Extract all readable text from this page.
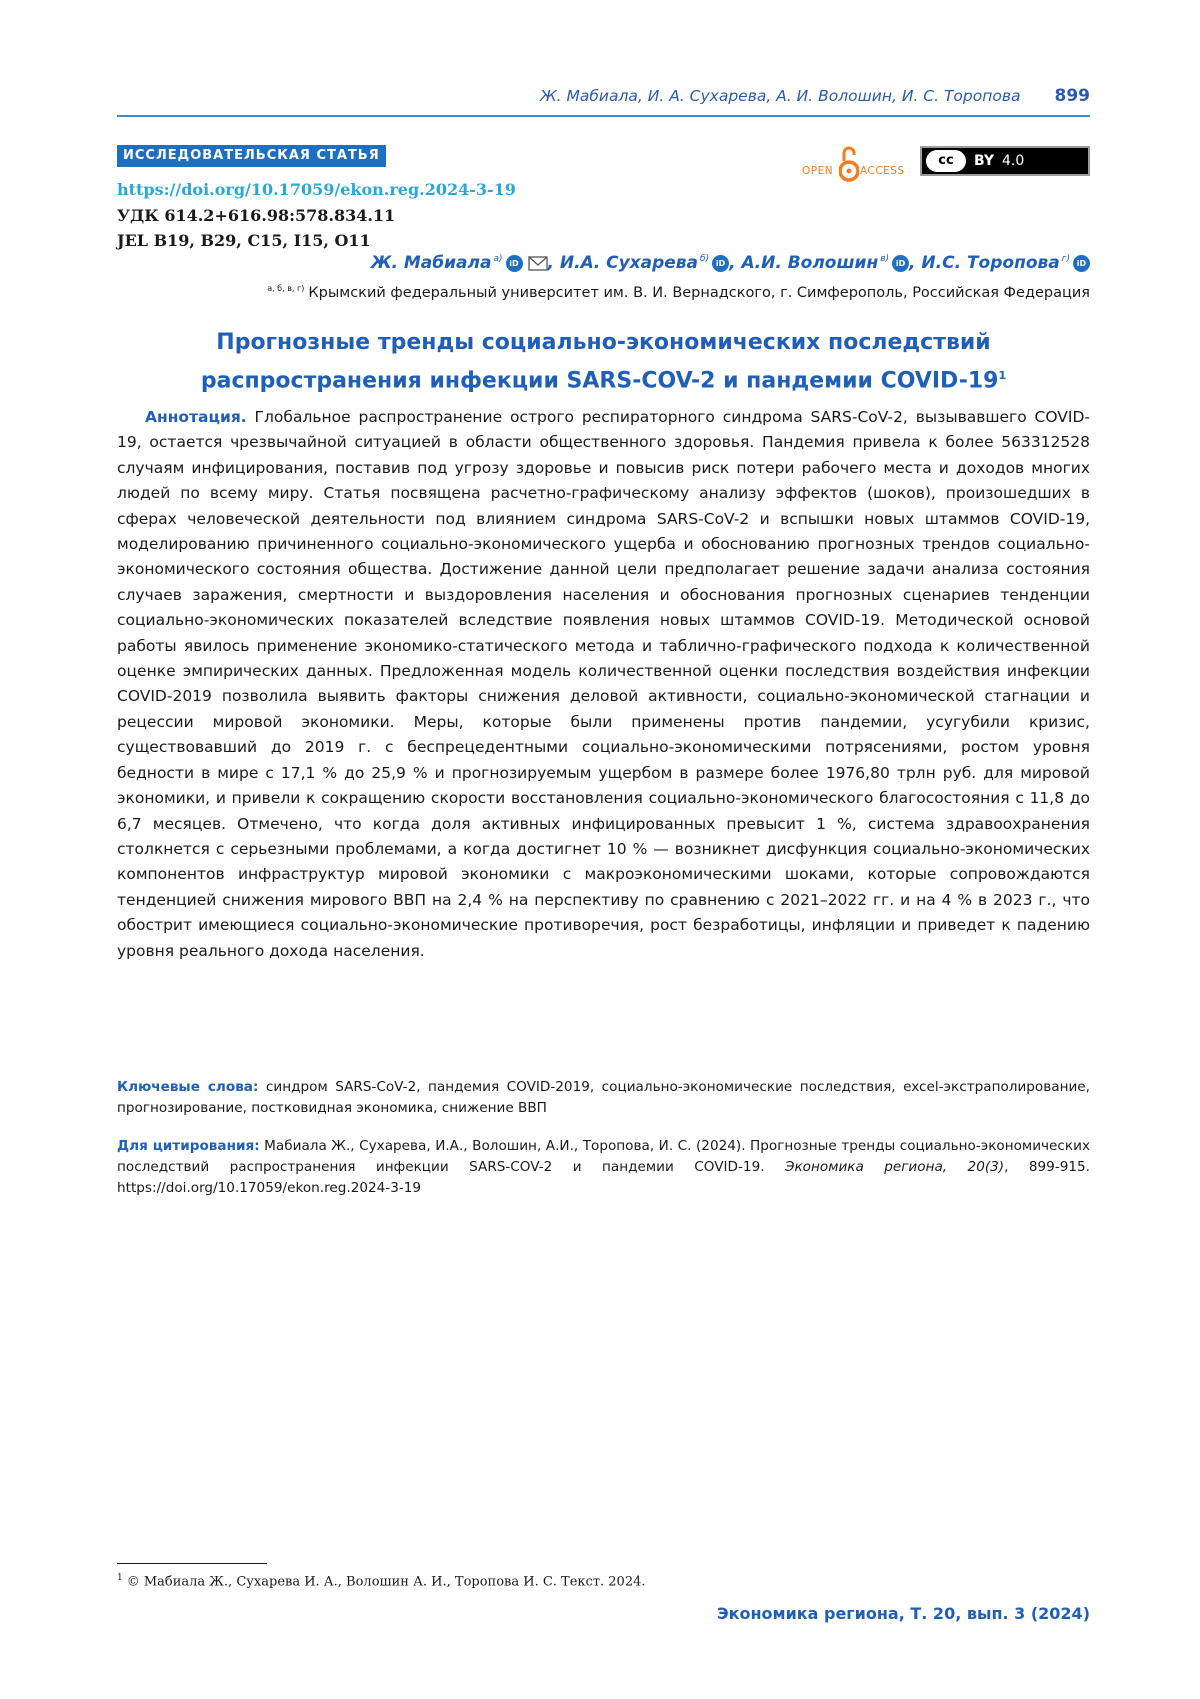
Ж. Мабиала, И. А. Сухарева, А. И. Волошин, И. С. Торопова 899
ИССЛЕДОВАТЕЛЬСКАЯ СТАТЬЯ
OPEN	ACCESS
cc	BY 4.0
https://doi.org/10.17059/ekon.reg.2024-3-19
УДК 614.2+616.98:578.834.11
JEL B19, B29, C15, I15, O11
Ж. Мабиала $^{а)}$ iD , И.А. Сухарева $^{б)}$ iD , А.И. Волошин $^{в)}$ iD , И.С. Торопова $^{г)}$ iD
$^{а, б, в, г)}$ Крымский федеральный университет им. В. И. Вернадского, г. Симферополь, Российская Федерация
Прогнозные тренды социально-экономических последствий
распространения инфекции SARS-COV-2 и пандемии COVID-$19^1$
Аннотация. Глобальное распространение острого респираторного синдрома SARS-CoV-2, вызывавшего COVID-19, остается чрезвычайной ситуацией в области общественного здоровья. Пандемия привела к более 563312528 случаям инфицирования, поставив под угрозу здоровье и повысив риск потери рабочего места и доходов многих людей по всему миру. Статья посвящена расчетно-графическому анализу эффектов (шоков), произошедших в сферах человеческой деятельности под влиянием синдрома SARS-CoV-2 и вспышки новых штаммов COVID-19, моделированию причиненного социально-экономического ущерба и обоснованию прогнозных трендов социально-экономического состояния общества. Достижение данной цели предполагает решение задачи анализа состояния случаев заражения, смертности и выздоровления населения и обоснования прогнозных сценариев тенденции социально-экономических показателей вследствие появления новых штаммов COVID-19. Методической основой работы явилось применение экономико-статического метода и таблично-графического подхода к количественной оценке эмпирических данных. Предложенная модель количественной оценки последствия воздействия инфекции COVID-2019 позволила выявить факторы снижения деловой активности, социально-экономической стагнации и рецессии мировой экономики. Меры, которые были применены против пандемии, усугубили кризис, существовавший до 2019 г. с беспрецедентными социально-экономическими потрясениями, ростом уровня бедности в мире с 17,1 % до 25,9 % и прогнозируемым ущербом в размере более 1976,80 трлн руб. для мировой экономики, и привели к сокращению скорости восстановления социально-экономического благосостояния с 11,8 до 6,7 месяцев. Отмечено, что когда доля активных инфицированных превысит 1 %, система здравоохранения столкнется с серьезными проблемами, а когда достигнет 10 % — возникнет дисфункция социально-экономических компонентов инфраструктур мировой экономики с макроэкономическими шоками, которые сопровождаются тенденцией снижения мирового ВВП на 2,4 % на перспективу по сравнению с 2021–2022 гг. и на 4 % в 2023 г., что обострит имеющиеся социально-экономические противоречия, рост безработицы, инфляции и приведет к падению уровня реального дохода населения.
Ключевые слова: синдром SARS-CoV-2, пандемия COVID-2019, социально-экономические последствия, excel-экстраполирование, прогнозирование, постковидная экономика, снижение ВВП
Для цитирования: Мабиала Ж., Сухарева, И.А., Волошин, А.И., Торопова, И. С. (2024). Прогнозные тренды социально-экономических последствий распространения инфекции SARS-COV-2 и пандемии COVID-19. Экономика региона, 20(3), 899-915. https://doi.org/10.17059/ekon.reg.2024-3-19
$^1$ © Мабиала Ж., Сухарева И. А., Волошин А. И., Торопова И. С. Текст. 2024.
Экономика региона, Т. 20, вып. 3 (2024)
